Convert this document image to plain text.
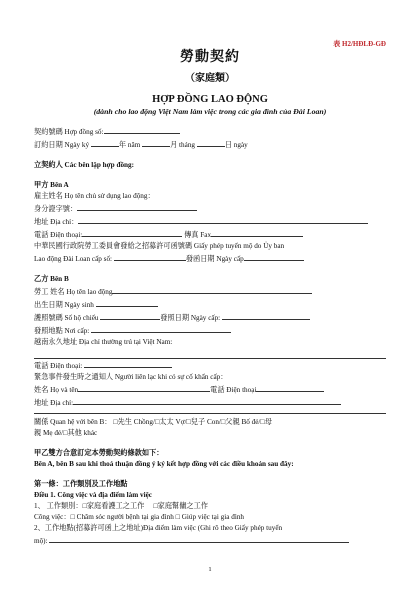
表 H2/HĐLĐ-GĐ
勞動契約
（家庭類）
HỢP ĐỒNG LAO ĐỘNG
(dành cho lao động Việt Nam làm việc trong các gia đình của Đài Loan)
契約號碼 Hợp đồng số:
訂約日期 Ngày ký	年 năm	月 tháng	日 ngày
立契約人 Các bên lập hợp đồng:
甲方 Bên A
雇主姓名 Họ tên chủ sử dụng lao động：
身分證字號：
地址 Địa chỉ：
電話 Điện thoại:	傳真 Fax
中華民國行政院勞工委員會發給之招募許可函號碼 Giấy phép tuyển mộ do Ủy ban
Lao động Đài Loan cấp số:	發函日期 Ngày cấp
乙方 Bên B
勞工 姓名 Họ tên lao động
出生日期 Ngày sinh
護照號碼 Số hộ chiếu	發照日期 Ngày cấp:
發照地點 Nơi cấp:
越南永久地址 Địa chỉ thường trú tại Việt Nam:
電話 Điện thoại:
緊急事件發生時之通知人 Người liên lạc khi có sự cố khẩn cấp：
姓名 Họ và tên	電話 Điện thoại
地址 Địa chỉ:
關係 Quan hệ với bên B： □先生 Chồng/□太太 Vợ/□兒子 Con/□父親 Bố đẻ/□母
親 Mẹ đẻ/□其他 khác
甲乙雙方合意訂定本勞動契約條款如下：
Bên A, bên B sau khi thoả thuận đồng ý ký kết hợp đồng với các điều khoản sau đây:
第一條：工作類別及工作地點
Điều 1. Công việc và địa điểm làm việc
1、 工作類別：□家庭看護工之工作　 □家庭幫傭之工作
Công việc：□ Chăm sóc người bệnh tại gia đình □ Giúp việc tại gia đình
2、工作地點(招募許可函上之地址)Địa điểm làm việc (Ghi rõ theo Giấy phép tuyển
mộ):
1
